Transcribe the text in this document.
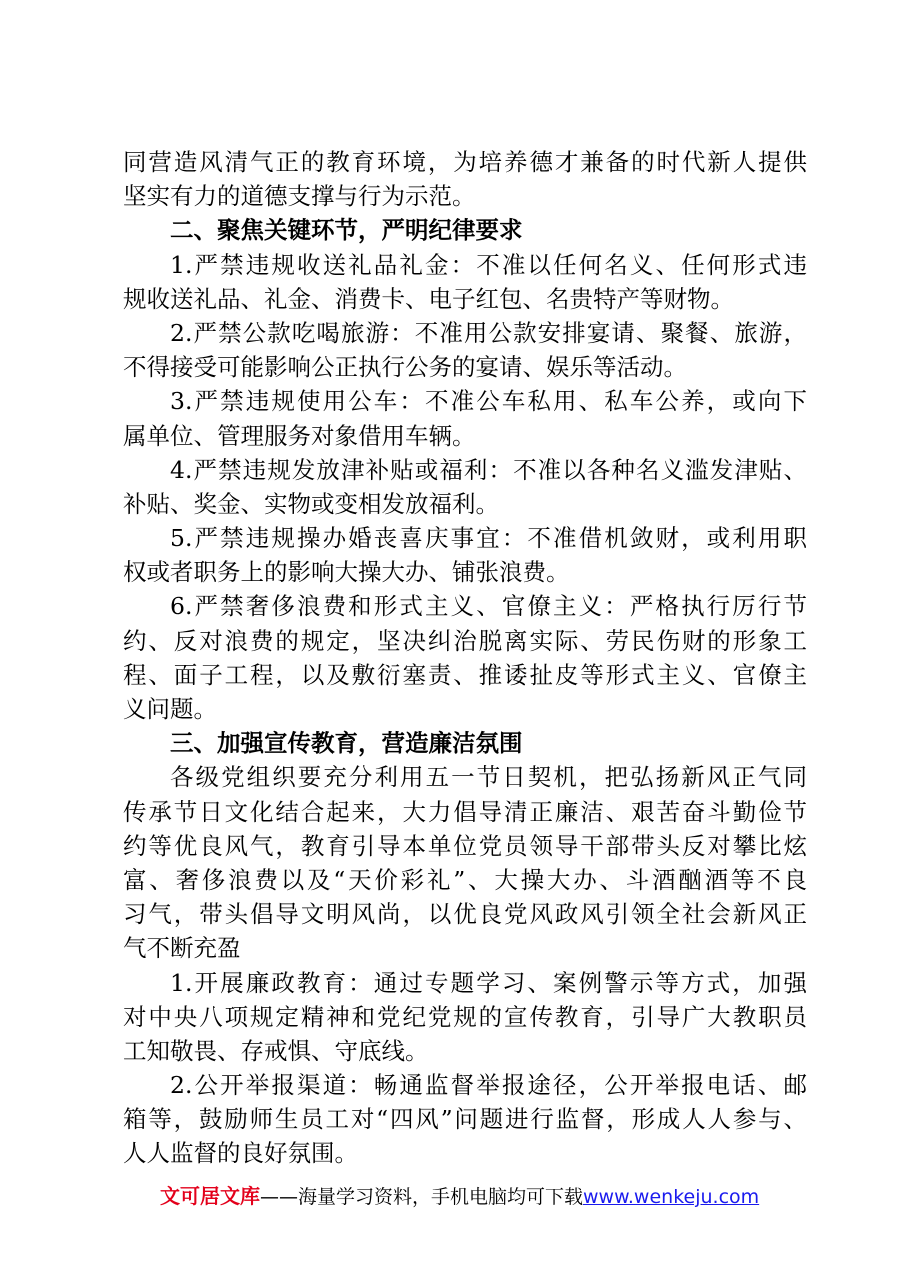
同营造风清气正的教育环境，为培养德才兼备的时代新人提供
坚实有力的道德支撑与行为示范。
二、聚焦关键环节，严明纪律要求
1.严禁违规收送礼品礼金：不准以任何名义、任何形式违
规收送礼品、礼金、消费卡、电子红包、名贵特产等财物。
2.严禁公款吃喝旅游：不准用公款安排宴请、聚餐、旅游，
不得接受可能影响公正执行公务的宴请、娱乐等活动。
3.严禁违规使用公车：不准公车私用、私车公养，或向下
属单位、管理服务对象借用车辆。
4.严禁违规发放津补贴或福利：不准以各种名义滥发津贴、
补贴、奖金、实物或变相发放福利。
5.严禁违规操办婚丧喜庆事宜：不准借机敛财，或利用职
权或者职务上的影响大操大办、铺张浪费。
6.严禁奢侈浪费和形式主义、官僚主义：严格执行厉行节
约、反对浪费的规定，坚决纠治脱离实际、劳民伤财的形象工
程、面子工程，以及敷衍塞责、推诿扯皮等形式主义、官僚主
义问题。
三、加强宣传教育，营造廉洁氛围
各级党组织要充分利用五一节日契机，把弘扬新风正气同
传承节日文化结合起来，大力倡导清正廉洁、艰苦奋斗勤俭节
约等优良风气，教育引导本单位党员领导干部带头反对攀比炫
富、奢侈浪费以及“天价彩礼”、大操大办、斗酒酗酒等不良
习气，带头倡导文明风尚，以优良党风政风引领全社会新风正
气不断充盈
1.开展廉政教育：通过专题学习、案例警示等方式，加强
对中央八项规定精神和党纪党规的宣传教育，引导广大教职员
工知敬畏、存戒惧、守底线。
2.公开举报渠道：畅通监督举报途径，公开举报电话、邮
箱等，鼓励师生员工对“四风”问题进行监督，形成人人参与、
人人监督的良好氛围。
文可居文库——海量学习资料，手机电脑均可下载www.wenkeju.com
